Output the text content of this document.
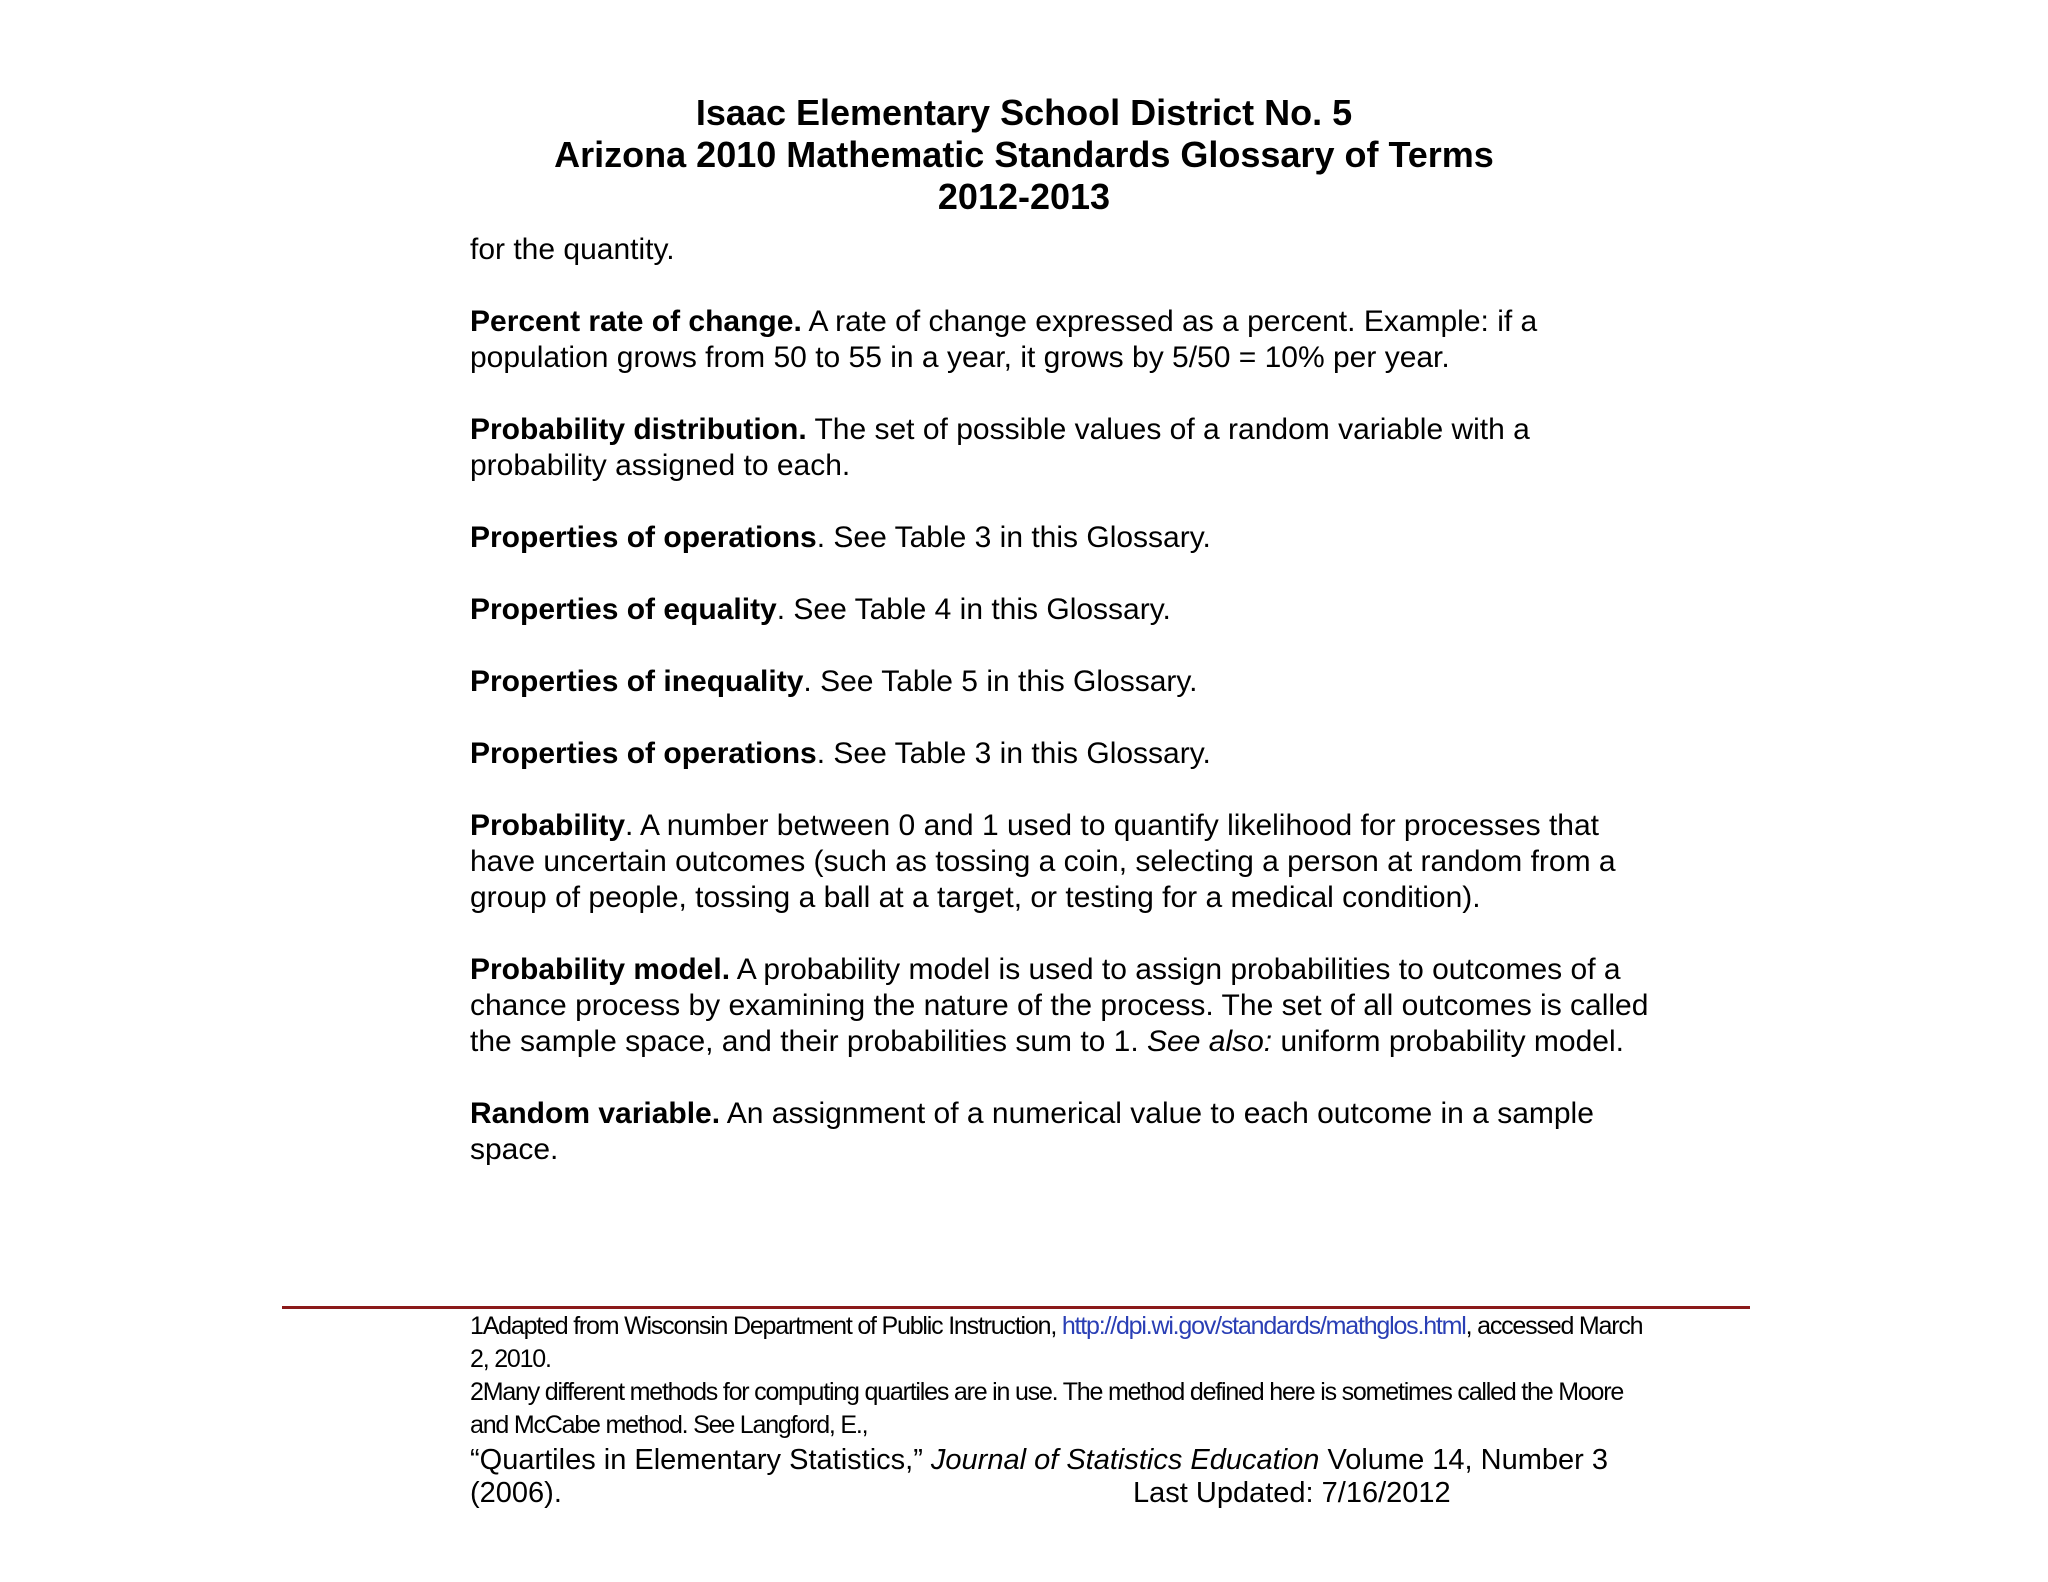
Isaac Elementary School District No. 5
Arizona 2010 Mathematic Standards Glossary of Terms
2012-2013

for the quantity.

Percent rate of change. A rate of change expressed as a percent. Example: if a population grows from 50 to 55 in a year, it grows by 5/50 = 10% per year.

Probability distribution. The set of possible values of a random variable with a probability assigned to each.

Properties of operations. See Table 3 in this Glossary.

Properties of equality. See Table 4 in this Glossary.

Properties of inequality. See Table 5 in this Glossary.

Properties of operations. See Table 3 in this Glossary.

Probability. A number between 0 and 1 used to quantify likelihood for processes that have uncertain outcomes (such as tossing a coin, selecting a person at random from a group of people, tossing a ball at a target, or testing for a medical condition).

Probability model. A probability model is used to assign probabilities to outcomes of a chance process by examining the nature of the process. The set of all outcomes is called the sample space, and their probabilities sum to 1. See also: uniform probability model.

Random variable. An assignment of a numerical value to each outcome in a sample space.

1Adapted from Wisconsin Department of Public Instruction, http://dpi.wi.gov/standards/mathglos.html, accessed March 2, 2010.
2Many different methods for computing quartiles are in use. The method defined here is sometimes called the Moore and McCabe method. See Langford, E.,
“Quartiles in Elementary Statistics,” Journal of Statistics Education Volume 14, Number 3
(2006).	Last Updated: 7/16/2012
